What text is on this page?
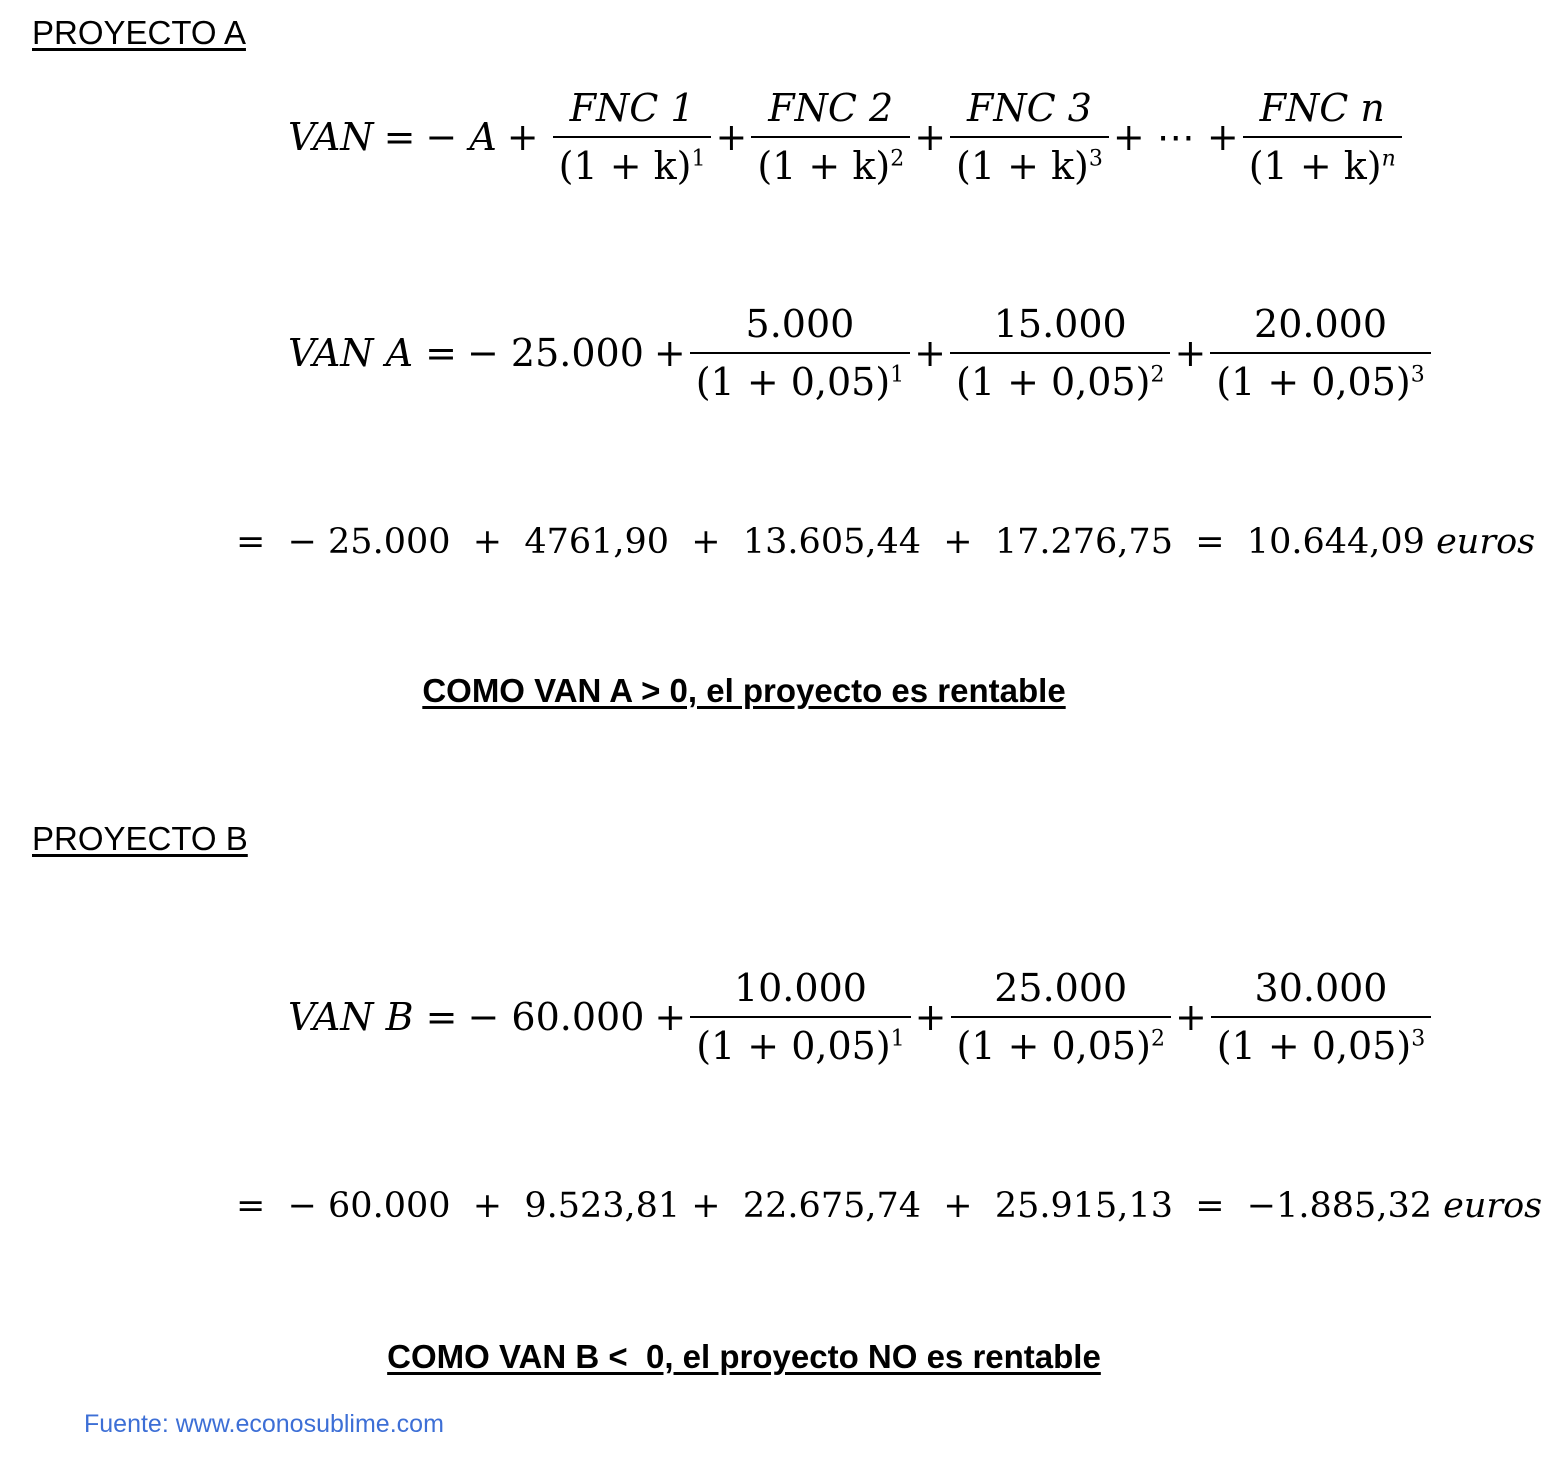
PROYECTO A
VAN = − $A + \frac{\text{FNC 1}}{(1 + k)^1} + \frac{\text{FNC 2}}{(1 + k)^2} + \frac{\text{FNC 3}}{(1 + k)^3}$ + ⋯ + $\frac{\text{FNC n}}{(1 + k)^n}$
VAN A = − $25.000 + \frac{5.000}{(1 + 0,05)^1} + \frac{15.000}{(1 + 0,05)^2} + \frac{20.000}{(1 + 0,05)^3}$
=  − 25.000  +  4761,90  +  13.605,44  +  17.276,75  =  10.644,09 euros
COMO VAN A > 0, el proyecto es rentable
PROYECTO B
VAN B = − $60.000 + \frac{10.000}{(1 + 0,05)^1} + \frac{25.000}{(1 + 0,05)^2} + \frac{30.000}{(1 + 0,05)^3}$
=  − 60.000  +  9.523,81 +  22.675,74  +  25.915,13  =  −1.885,32 euros
COMO VAN B <  0, el proyecto NO es rentable
Fuente: www.econosublime.com
